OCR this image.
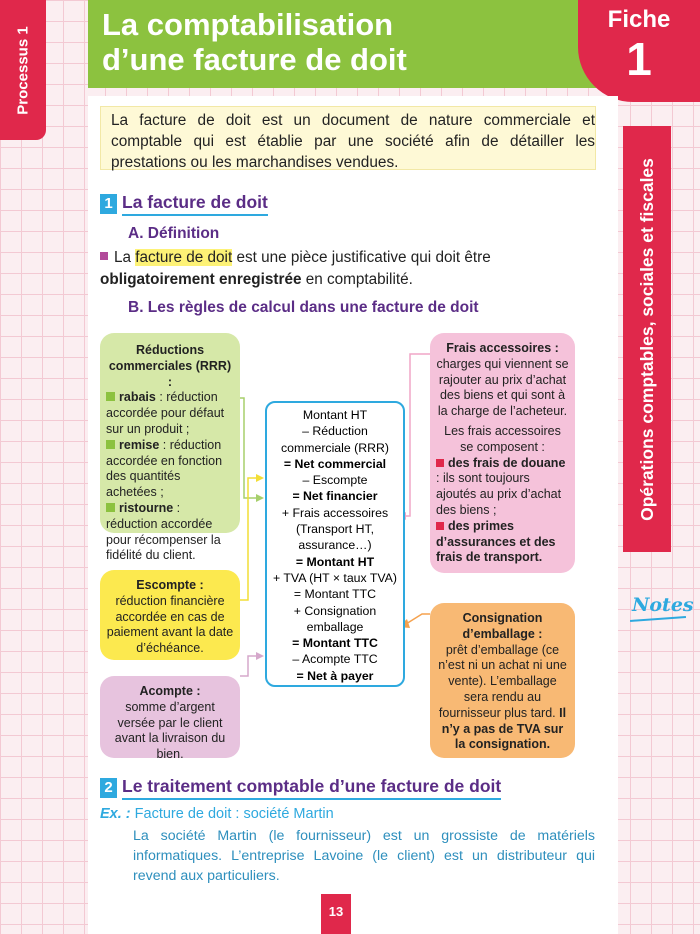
Processus 1
La comptabilisation
d’une facture de doit
Fiche
1
Opérations comptables, sociales et fiscales
Notes
La facture de doit est un document de nature commerciale et comptable qui est établie par une société afin de détailler les prestations ou les marchandises vendues.
1 La facture de doit
A. Définition
La facture de doit est une pièce justificative qui doit être obligatoirement enregistrée en comptabilité.
B. Les règles de calcul dans une facture de doit
Réductions commerciales (RRR) :
rabais : réduction accordée pour défaut sur un produit ;
remise : réduction accordée en fonction des quantités achetées ;
ristourne : réduction accordée pour récompenser la fidélité du client.
Escompte :
réduction financière accordée en cas de paiement avant la date d’échéance.
Acompte :
somme d’argent versée par le client avant la livraison du bien.
Montant HT
– Réduction commerciale (RRR)
= Net commercial
– Escompte
= Net financier
+ Frais accessoires (Transport HT, assurance…)
= Montant HT
+ TVA (HT × taux TVA)
= Montant TTC
+ Consignation emballage
= Montant TTC
– Acompte TTC
= Net à payer
Frais accessoires :
charges qui viennent se rajouter au prix d’achat des biens et qui sont à la charge de l’acheteur.
Les frais accessoires se composent :
des frais de douane : ils sont toujours ajoutés au prix d’achat des biens ;
des primes d’assurances et des frais de transport.
Consignation d’emballage :
prêt d’emballage (ce n’est ni un achat ni une vente). L’emballage sera rendu au fournisseur plus tard. Il n’y a pas de TVA sur la consignation.
2 Le traitement comptable d’une facture de doit
Ex. : Facture de doit : société Martin
La société Martin (le fournisseur) est un grossiste de matériels informatiques. L’entreprise Lavoine (le client) est un distributeur qui revend aux particuliers.
13
